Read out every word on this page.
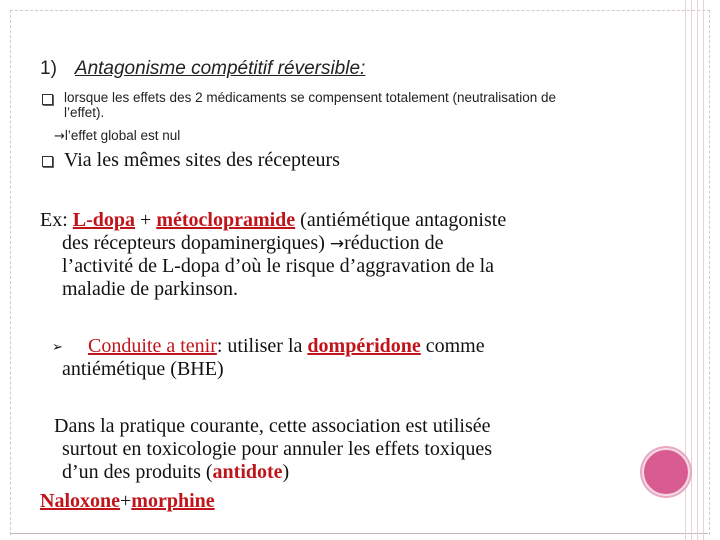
1) Antagonisme compétitif réversible:
lorsque les effets des 2 médicaments se compensent totalement (neutralisation de
l’effet).
→l’effet global est nul
Via les mêmes sites des récepteurs
Ex: L-dopa + métoclopramide (antiémétique antagoniste
des récepteurs dopaminergiques) →réduction de
l’activité de L-dopa d’où le risque d’aggravation de la
maladie de parkinson.
➢ Conduite a tenir: utiliser la dompéridone comme
antiémétique (BHE)
Dans la pratique courante, cette association est utilisée
surtout en toxicologie pour annuler les effets toxiques
d’un des produits (antidote)
Naloxone+morphine
